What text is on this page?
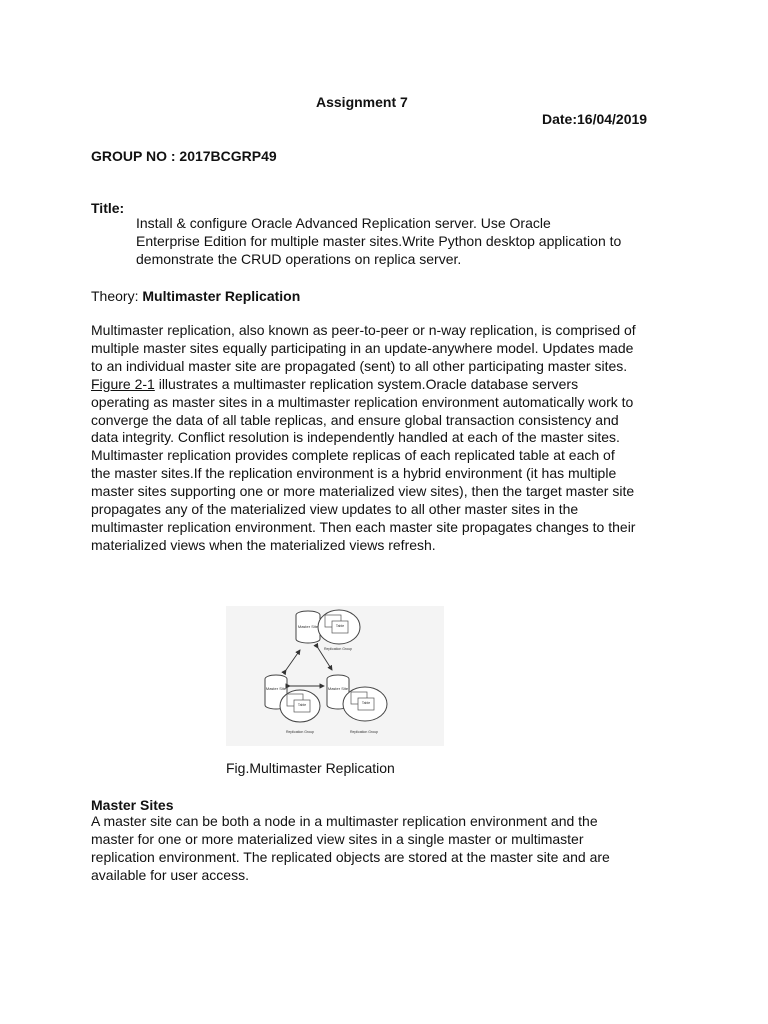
Assignment 7
Date:16/04/2019
GROUP NO : 2017BCGRP49
Title:
Install & configure Oracle Advanced Replication server. Use Oracle
Enterprise Edition for multiple master sites.Write Python desktop application to
demonstrate the CRUD operations on replica server.
Theory: Multimaster Replication
Multimaster replication, also known as peer-to-peer or n-way replication, is comprised of
multiple master sites equally participating in an update-anywhere model. Updates made
to an individual master site are propagated (sent) to all other participating master sites.
Figure 2-1 illustrates a multimaster replication system.Oracle database servers
operating as master sites in a multimaster replication environment automatically work to
converge the data of all table replicas, and ensure global transaction consistency and
data integrity. Conflict resolution is independently handled at each of the master sites.
Multimaster replication provides complete replicas of each replicated table at each of
the master sites.If the replication environment is a hybrid environment (it has multiple
master sites supporting one or more materialized view sites), then the target master site
propagates any of the materialized view updates to all other master sites in the
multimaster replication environment. Then each master site propagates changes to their
materialized views when the materialized views refresh.
Master Site	Table
Replication Group
Master Site
Table
Replication Group
Master Site
Table
Replication Group
Fig.Multimaster Replication
Master Sites
A master site can be both a node in a multimaster replication environment and the
master for one or more materialized view sites in a single master or multimaster
replication environment. The replicated objects are stored at the master site and are
available for user access.
